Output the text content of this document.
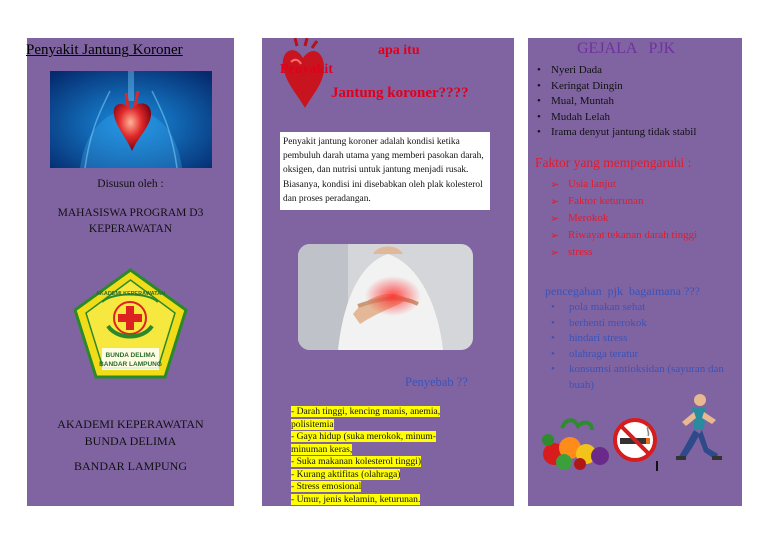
Penyakit Jantung Koroner
Disusun oleh :
MAHASISWA PROGRAM D3
KEPERAWATAN
AKADEMI KEPERAWATAN
BUNDA DELIMA
BANDAR LAMPUNG
AKADEMI KEPERAWATAN
BUNDA DELIMA
BANDAR LAMPUNG
apa itu
Penyakit
Jantung koroner????
Penyakit jantung koroner adalah kondisi ketika pembuluh darah utama yang memberi pasokan darah, oksigen, dan nutrisi untuk jantung menjadi rusak. Biasanya, kondisi ini disebabkan oleh plak kolesterol dan proses peradangan.
Penyebab ??
- Darah tinggi, kencing manis, anemia, polisitemia
- Gaya hidup (suka merokok, minum-minuman keras,
- Suka makanan kolesterol tinggi)
- Kurang aktifitas (olahraga)
- Stress emosional
- Umur, jenis kelamin, keturunan.
GEJALA   PJK
• Nyeri Dada
• Keringat Dingin
• Mual, Muntah
• Mudah Lelah
• Irama denyut jantung tidak stabil
Faktor yang mempengaruhi :
➢ Usia lanjut
➢ Faktor keturunan
➢ Merokok
➢ Riwayat tekanan darah tinggi
➢ stress
pencegahan  pjk  bagaimana ???
• pola makan sehat
• berhenti merokok
• hindari stress
• olahraga teratur
• konsumsi antioksidan (sayuran dan buah)
